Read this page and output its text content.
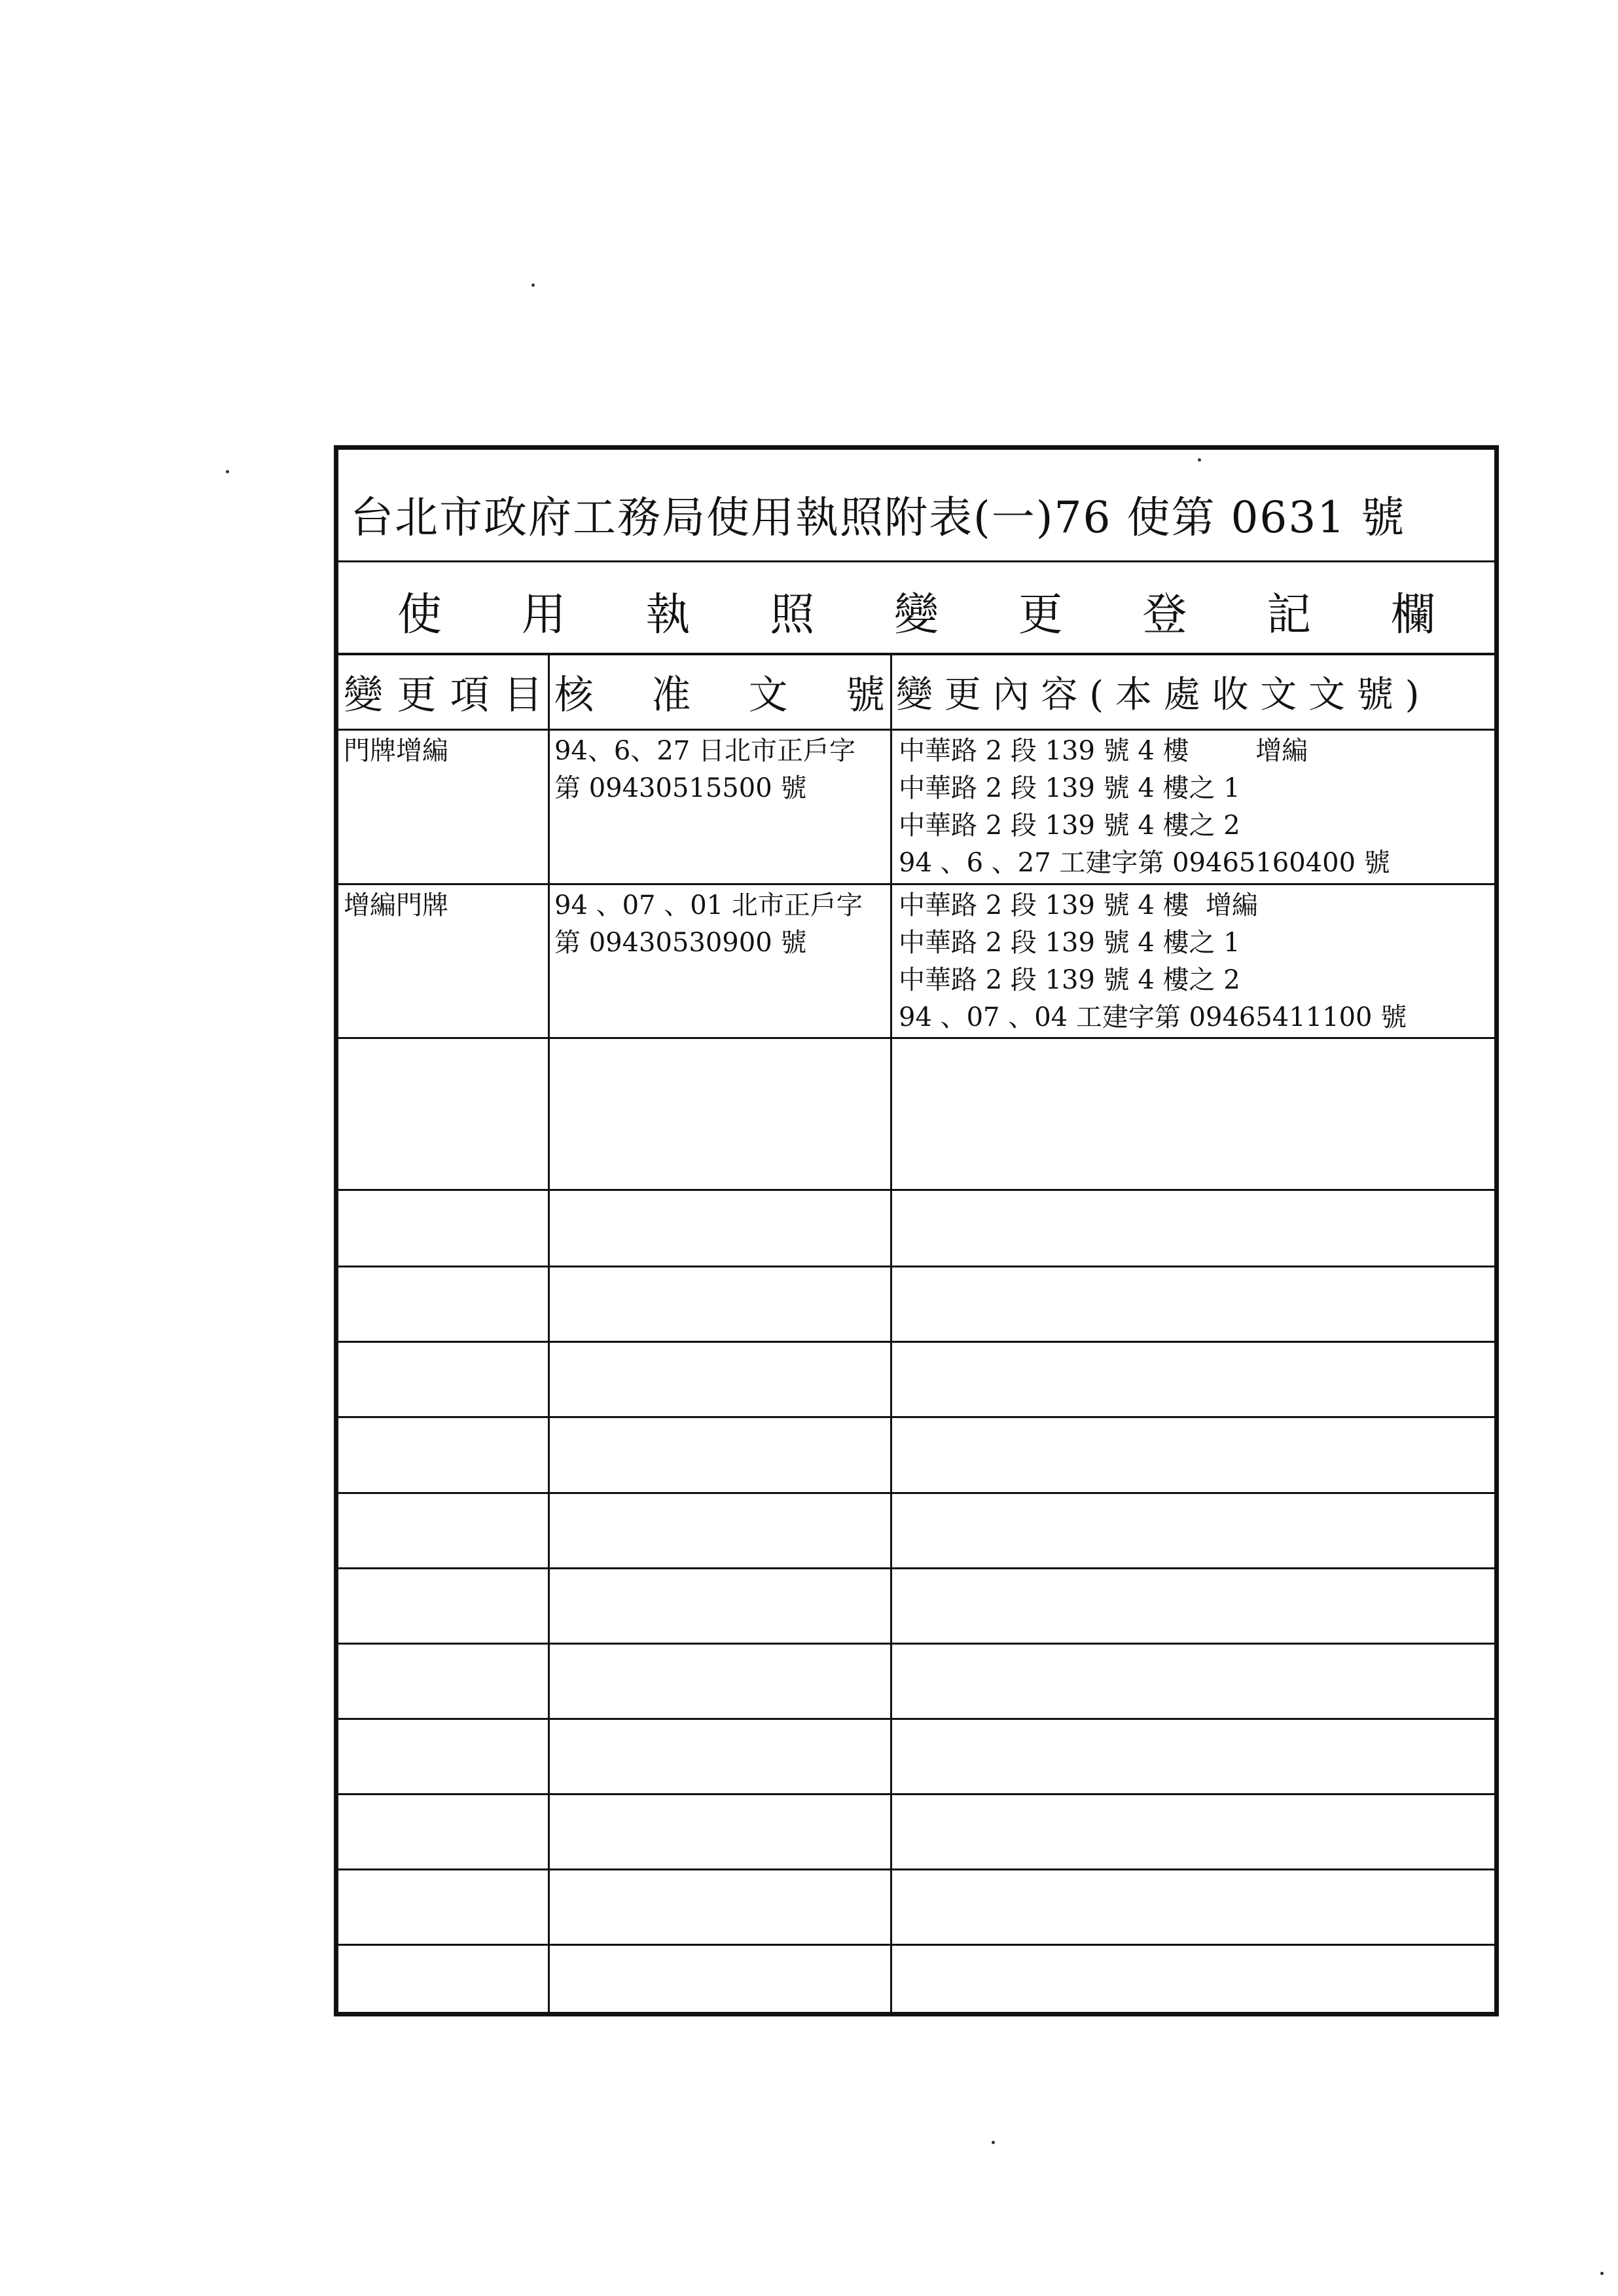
台北市政府工務局使用執照附表(一)76 使第 0631 號
使 用 執 照 變 更 登 記 欄
變 更 項 目 核 准 文 號 變 更 內 容 ( 本 處 收 文 文 號 )
門牌增編	94、6、27 日北市正戶字
第 09430515500 號
中華路 2 段 139 號 4 樓        增編
中華路 2 段 139 號 4 樓之 1
中華路 2 段 139 號 4 樓之 2
94 、6 、27 工建字第 09465160400 號
增編門牌	94 、07 、01 北市正戶字
第 09430530900 號
中華路 2 段 139 號 4 樓  增編
中華路 2 段 139 號 4 樓之 1
中華路 2 段 139 號 4 樓之 2
94 、07 、04 工建字第 09465411100 號
